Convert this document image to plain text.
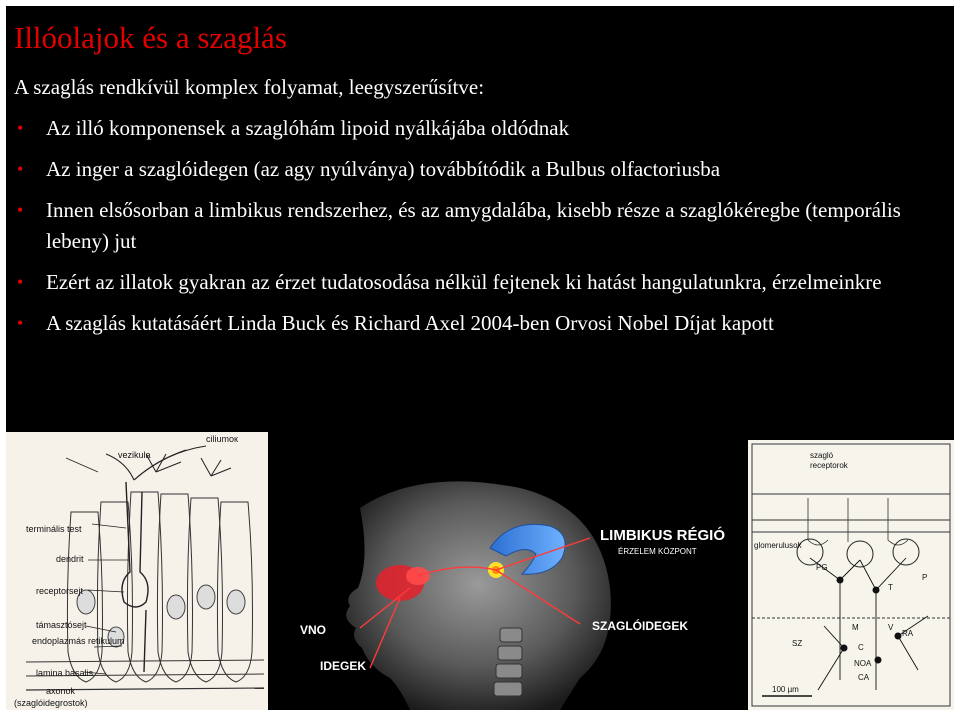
Illóolajok és a szaglás
A szaglás rendkívül komplex folyamat, leegyszerűsítve:
• Az illó komponensek a szaglóhám lipoid nyálkájába oldódnak
• Az inger a szaglóidegen (az agy nyúlványa) továbbítódik a Bulbus olfactoriusba
• Innen elsősorban a limbikus rendszerhez, és az amygdalába, kisebb része a szaglókéregbe (temporális lebeny) jut
• Ezért az illatok gyakran az érzet tudatosodása nélkül fejtenek ki hatást hangulatunkra, érzelmeinkre
• A szaglás kutatásáért Linda Buck és Richard Axel 2004-ben Orvosi Nobel Díjat kapott
ciliumок
vezikula
terminális test
dendrit
receptorsejt
támasztósejt
endoplazmás retikulum
lamina basalis
axonok
(szaglóidegrostok)
LIMBIKUS RÉGIÓ
ÉRZELEM KÖZPONT
VNO
IDEGEK
SZAGLÓIDEGEK
szagló
receptorok
glomerulusok
PG
T
P
M	V
SZ	C
RA
NOA
CA
100 µm
